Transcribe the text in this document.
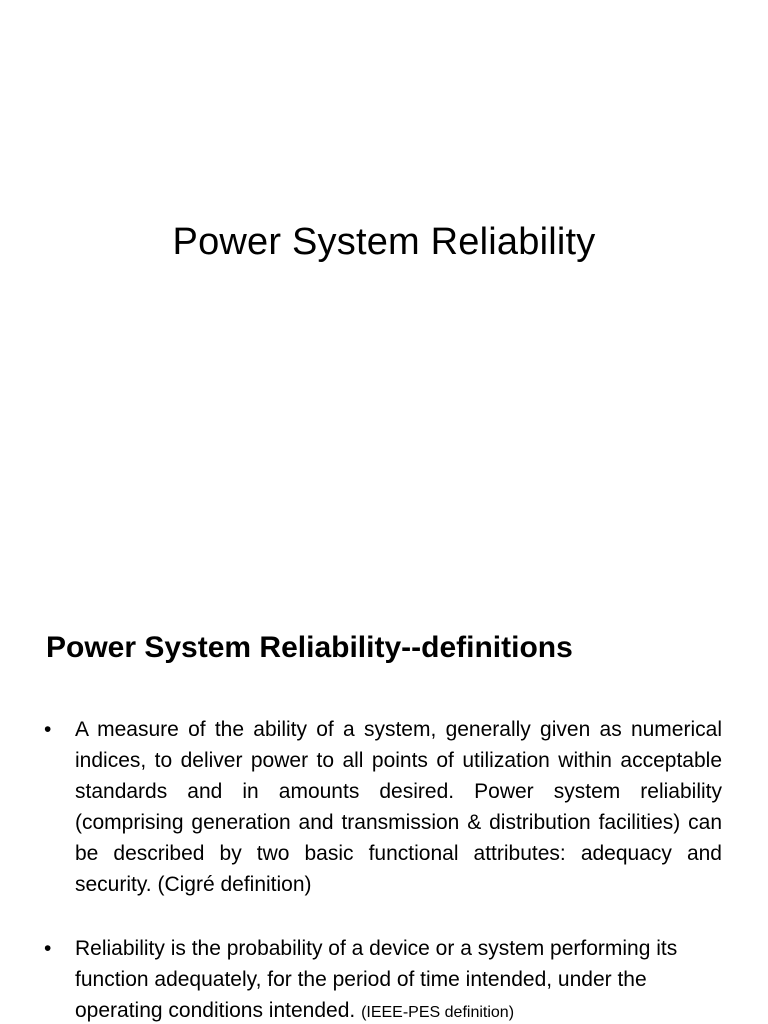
Power System Reliability
Power System Reliability--definitions
•	A measure of the ability of a system, generally given as numerical indices, to deliver power to all points of utilization within acceptable standards and in amounts desired. Power system reliability (comprising generation and transmission & distribution facilities) can be described by two basic functional attributes: adequacy and security. (Cigré definition)
•	Reliability is the probability of a device or a system performing its function adequately, for the period of time intended, under the operating conditions intended. (IEEE-PES definition)
